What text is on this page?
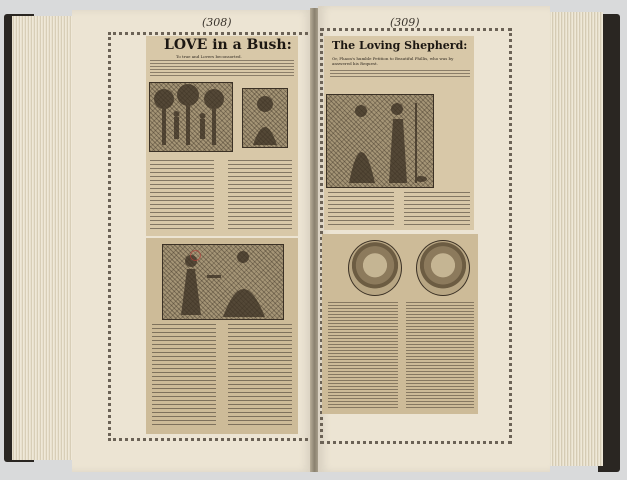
(308)
LOVE in a Bush:
To true and Lovers beconsorted.
(309)
The Loving Shepherd:
Or, Phaon's humble Petition to Beautiful Phillis, who was by answered his Request.
